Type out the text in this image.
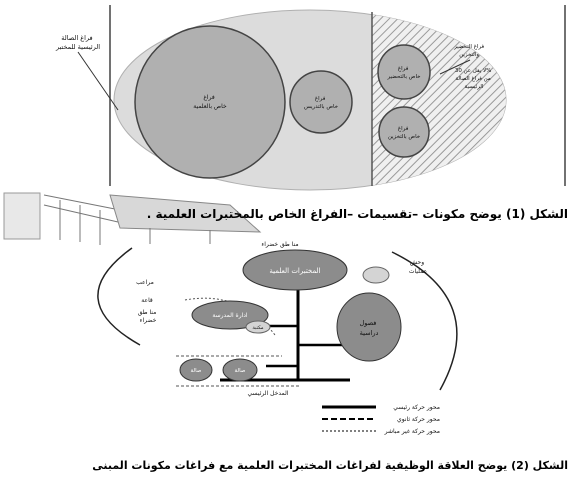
فراغ الصالة الرئيسية للمختبر
فراغ خاص بالعلمية
فراغ خاص بالتدريس
فراغ خاص بالتحضير
فراغ خاص بالتخزين
فراغ التحضير والتخزين لا يقل عن 30% من فراغ الصالة الرئيسية
منا طق خضراء
المختبرات العلمية
وحش عمليات
مراعب
قاعة منا طق خضراء
ادارة المدرسة
مكتبة
فصول دراسية
صالة	صالة
المدخل الرئيسي
محور حركة رئيسي
محور حركة ثانوي
محور حركة غير مباشر
الشكل (1) يوضح مكونات –تقسيمات –الفراغ الخاص بالمختبرات العلمية .
الشكل (2) يوضح العلاقة الوظيفية لفراغات المختبرات العلمية مع فراغات مكونات المبنى
